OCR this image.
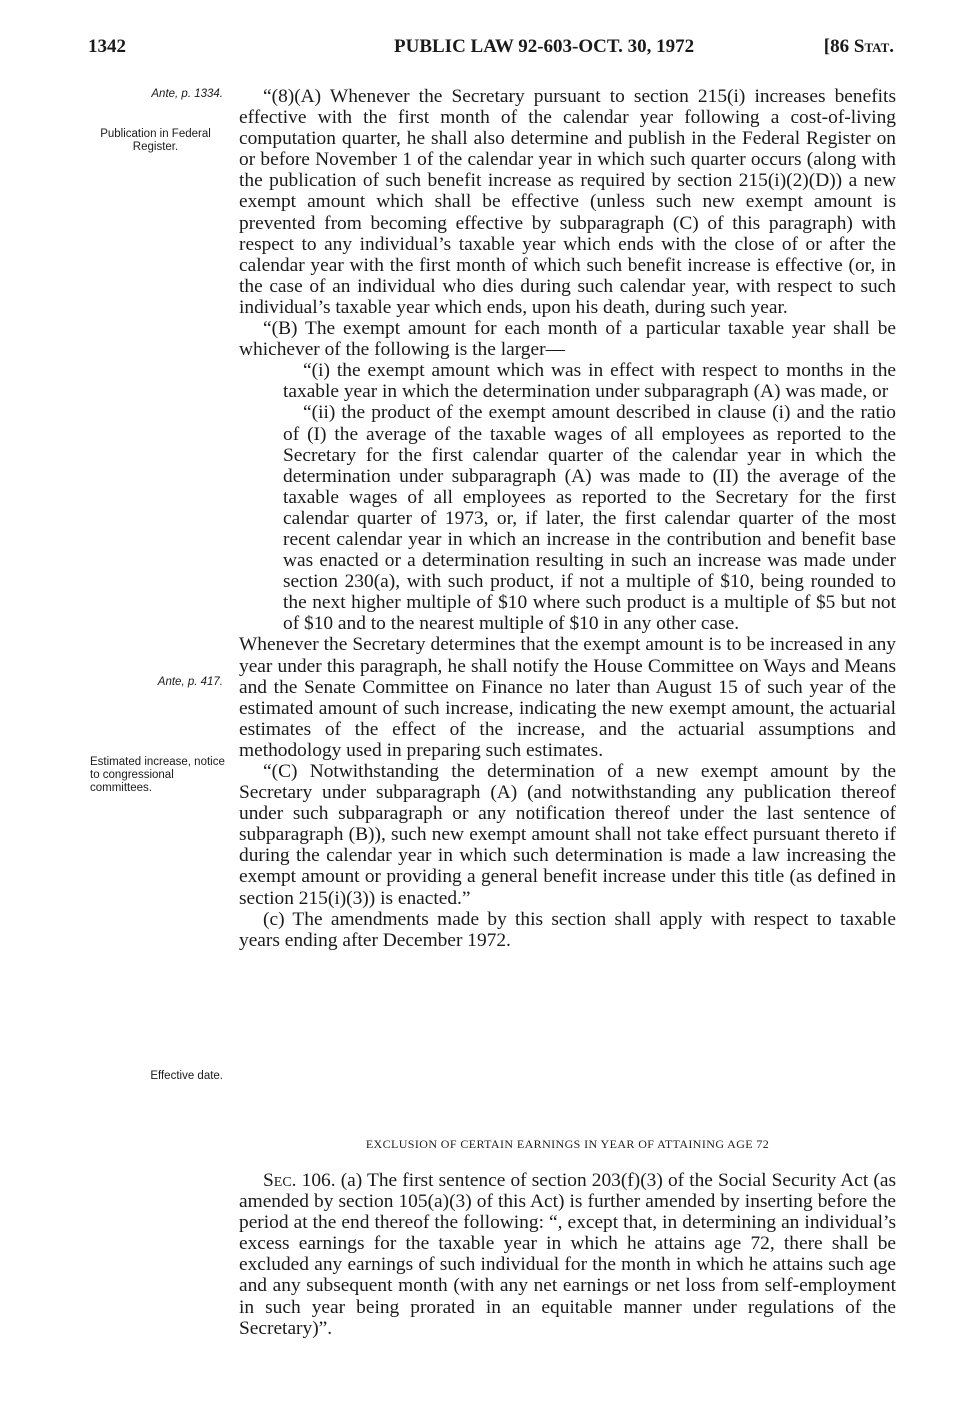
1342	PUBLIC LAW 92-603-OCT. 30, 1972	[86 Stat.
Ante, p. 1334.
Publication in Federal Register.
Ante, p. 417.
Estimated increase, notice to congressional committees.
Effective date.

“(8)(A) Whenever the Secretary pursuant to section 215(i) increases benefits effective with the first month of the calendar year following a cost-of-living computation quarter, he shall also determine and publish in the Federal Register on or before November 1 of the calendar year in which such quarter occurs (along with the publication of such benefit increase as required by section 215(i)(2)(D)) a new exempt amount which shall be effective (unless such new exempt amount is prevented from becoming effective by subparagraph (C) of this paragraph) with respect to any individual’s taxable year which ends with the close of or after the calendar year with the first month of which such benefit increase is effective (or, in the case of an individual who dies during such calendar year, with respect to such individual’s taxable year which ends, upon his death, during such year.

“(B) The exempt amount for each month of a particular taxable year shall be whichever of the following is the larger—

“(i) the exempt amount which was in effect with respect to months in the taxable year in which the determination under subparagraph (A) was made, or

“(ii) the product of the exempt amount described in clause (i) and the ratio of (I) the average of the taxable wages of all employees as reported to the Secretary for the first calendar quarter of the calendar year in which the determination under subparagraph (A) was made to (II) the average of the taxable wages of all employees as reported to the Secretary for the first calendar quarter of 1973, or, if later, the first calendar quarter of the most recent calendar year in which an increase in the contribution and benefit base was enacted or a determination resulting in such an increase was made under section 230(a), with such product, if not a multiple of $10, being rounded to the next higher multiple of $10 where such product is a multiple of $5 but not of $10 and to the nearest multiple of $10 in any other case.

Whenever the Secretary determines that the exempt amount is to be increased in any year under this paragraph, he shall notify the House Committee on Ways and Means and the Senate Committee on Finance no later than August 15 of such year of the estimated amount of such increase, indicating the new exempt amount, the actuarial estimates of the effect of the increase, and the actuarial assumptions and methodology used in preparing such estimates.

“(C) Notwithstanding the determination of a new exempt amount by the Secretary under subparagraph (A) (and notwithstanding any publication thereof under such subparagraph or any notification thereof under the last sentence of subparagraph (B)), such new exempt amount shall not take effect pursuant thereto if during the calendar year in which such determination is made a law increasing the exempt amount or providing a general benefit increase under this title (as defined in section 215(i)(3)) is enacted.”

(c) The amendments made by this section shall apply with respect to taxable years ending after December 1972.

EXCLUSION OF CERTAIN EARNINGS IN YEAR OF ATTAINING AGE 72

Sec. 106. (a) The first sentence of section 203(f)(3) of the Social Security Act (as amended by section 105(a)(3) of this Act) is further amended by inserting before the period at the end thereof the following: “, except that, in determining an individual’s excess earnings for the taxable year in which he attains age 72, there shall be excluded any earnings of such individual for the month in which he attains such age and any subsequent month (with any net earnings or net loss from self-employment in such year being prorated in an equitable manner under regulations of the Secretary)”.
